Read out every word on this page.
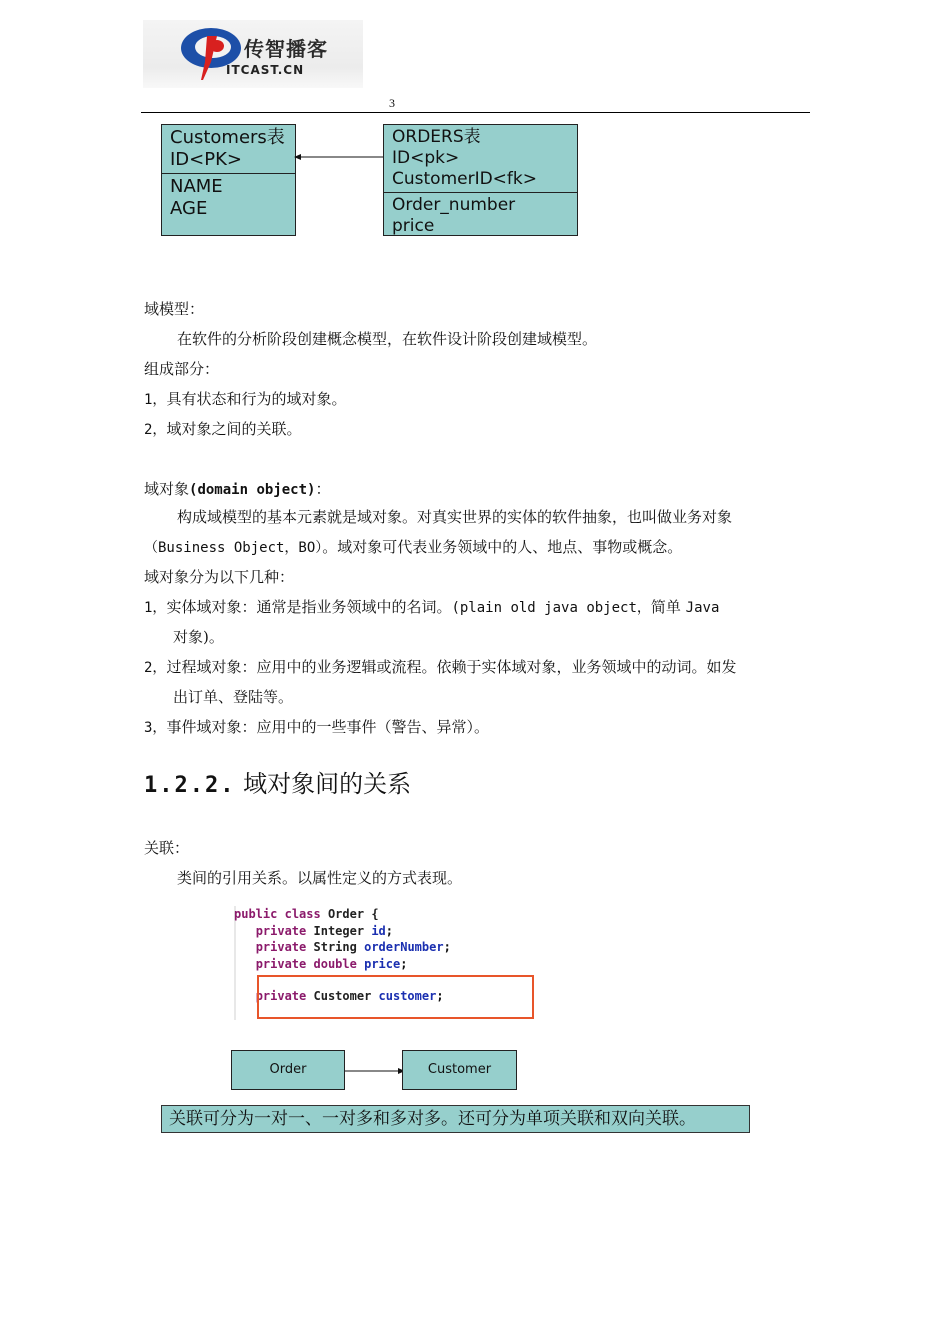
传智播客
ITCAST.CN
3
Customers表
ID<PK>
NAME
AGE
ORDERS表
ID<pk>
CustomerID<fk>
Order_number
price
域模型：
在软件的分析阶段创建概念模型，在软件设计阶段创建域模型。
组成部分：
1，具有状态和行为的域对象。
2，域对象之间的关联。
域对象(domain object)：
构成域模型的基本元素就是域对象。对真实世界的实体的软件抽象，也叫做业务对象
（Business Object，BO）。域对象可代表业务领域中的人、地点、事物或概念。
域对象分为以下几种：
1，实体域对象：通常是指业务领域中的名词。(plain old java object，简单 Java
对象)。
2，过程域对象：应用中的业务逻辑或流程。依赖于实体域对象，业务领域中的动词。如发
出订单、登陆等。
3，事件域对象：应用中的一些事件（警告、异常）。
1.2.2. 域对象间的关系
关联：
类间的引用关系。以属性定义的方式表现。
public class Order {
private Integer id;
private String orderNumber;
private double price;
private Customer customer;
Order	Customer
关联可分为一对一、一对多和多对多。还可分为单项关联和双向关联。
